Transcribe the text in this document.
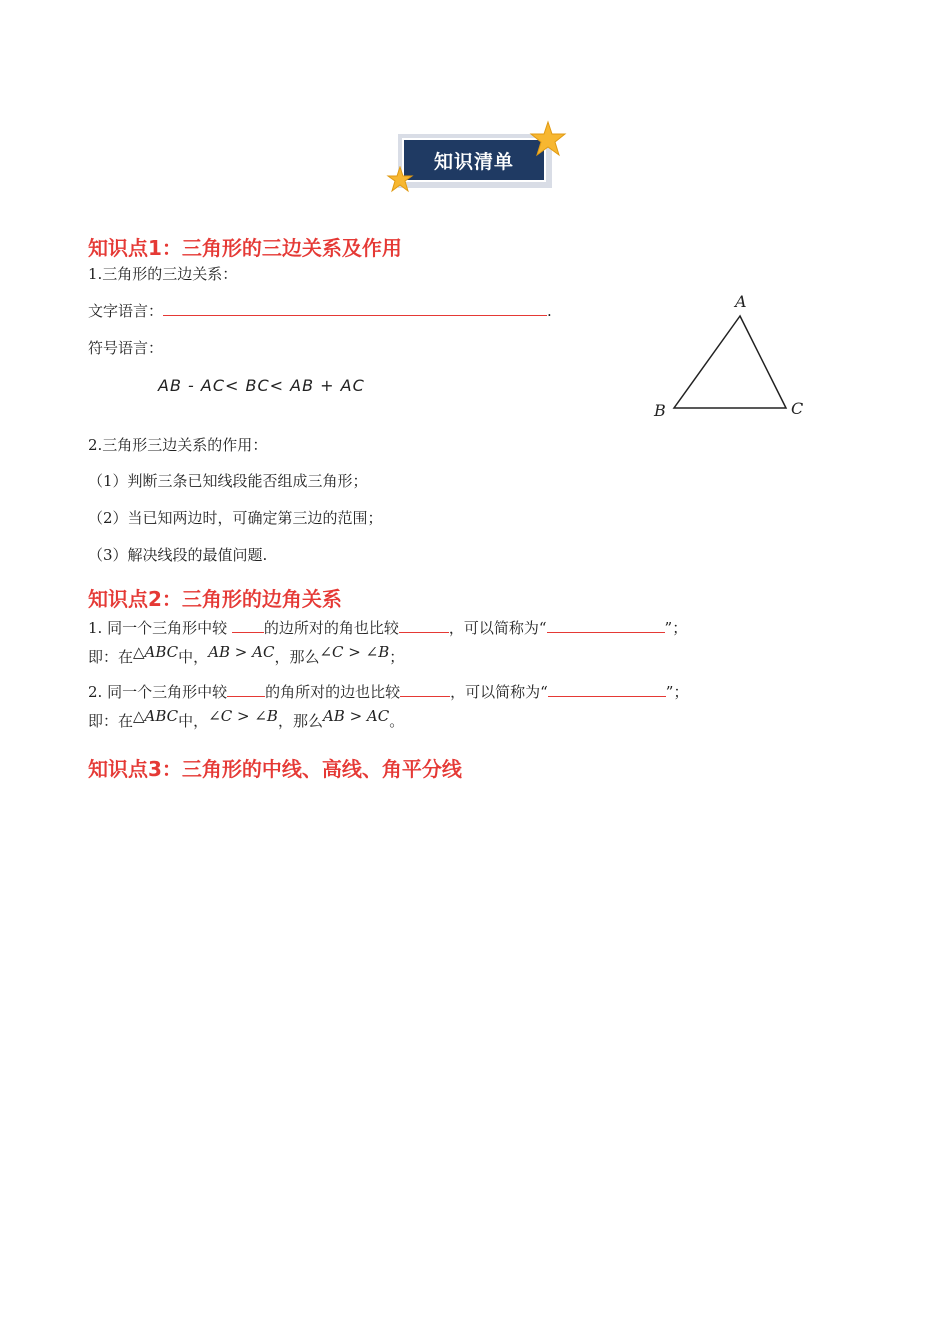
知识清单
知识点1：三角形的三边关系及作用
1.三角形的三边关系：
文字语言：	.
符号语言：
AB - AC< BC< AB + AC
A
B	C
2.三角形三边关系的作用：
（1）判断三条已知线段能否组成三角形；
（2）当已知两边时，可确定第三边的范围；
（3）解决线段的最值问题.
知识点2：三角形的边角关系
1. 同一个三角形中较 的边所对的角也比较	，可以简称为“	”；
即：在△ABC中，AB > AC，那么∠C > ∠B；
2. 同一个三角形中较	的角所对的边也比较	，可以简称为“	”；
即：在△ABC中，∠C > ∠B，那么AB > AC。
知识点3：三角形的中线、高线、角平分线
